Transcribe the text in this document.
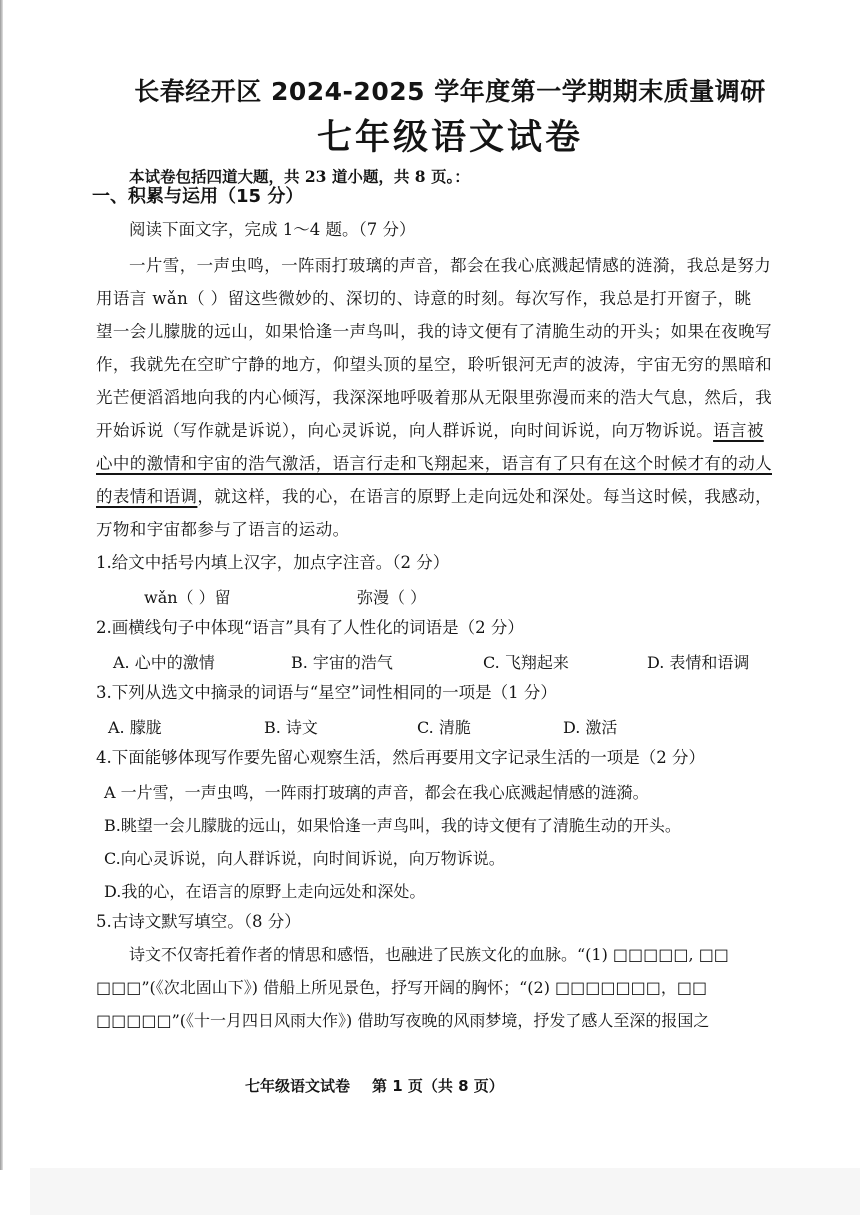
长春经开区 2024-2025 学年度第一学期期末质量调研
七年级语文试卷
本试卷包括四道大题，共 23 道小题，共 8 页。：
一、积累与运用（15 分）
阅读下面文字，完成 1～4 题。（7 分）
一片雪，一声虫鸣，一阵雨打玻璃的声音，都会在我心底溅起情感的涟漪，我总是努力
用语言 wǎn（ ）留这些微妙的、深切的、诗意的时刻。每次写作，我总是打开窗子，眺
望一会儿朦胧的远山，如果恰逢一声鸟叫，我的诗文便有了清脆生动的开头；如果在夜晚写
作，我就先在空旷宁静的地方，仰望头顶的星空，聆听银河无声的波涛，宇宙无穷的黑暗和
光芒便滔滔地向我的内心倾泻，我深深地呼吸着那从无限里弥漫而来的浩大气息，然后，我
开始诉说（写作就是诉说），向心灵诉说，向人群诉说，向时间诉说，向万物诉说。语言被
心中的激情和宇宙的浩气激活，语言行走和飞翔起来，语言有了只有在这个时候才有的动人
的表情和语调，就这样，我的心，在语言的原野上走向远处和深处。每当这时候，我感动，
万物和宇宙都参与了语言的运动。
1.给文中括号内填上汉字，加点字注音。（2 分）
wǎn（ ）留	弥漫（ ）
2.画横线句子中体现“语言”具有了人性化的词语是（2 分）
A. 心中的激情	B. 宇宙的浩气	C. 飞翔起来	D. 表情和语调
3.下列从选文中摘录的词语与“星空”词性相同的一项是（1 分）
A. 朦胧	B. 诗文	C. 清脆	D. 激活
4.下面能够体现写作要先留心观察生活，然后再要用文字记录生活的一项是（2 分）
A 一片雪，一声虫鸣，一阵雨打玻璃的声音，都会在我心底溅起情感的涟漪。
B.眺望一会儿朦胧的远山，如果恰逢一声鸟叫，我的诗文便有了清脆生动的开头。
C.向心灵诉说，向人群诉说，向时间诉说，向万物诉说。
D.我的心，在语言的原野上走向远处和深处。
5.古诗文默写填空。（8 分）
诗文不仅寄托着作者的情思和感悟，也融进了民族文化的血脉。“(1) □□□□□, □□
□□□”(《次北固山下》) 借船上所见景色，抒写开阔的胸怀；“(2) □□□□□□□，□□
□□□□□”(《十一月四日风雨大作》) 借助写夜晚的风雨梦境，抒发了感人至深的报国之
七年级语文试卷 第 1 页（共 8 页）
